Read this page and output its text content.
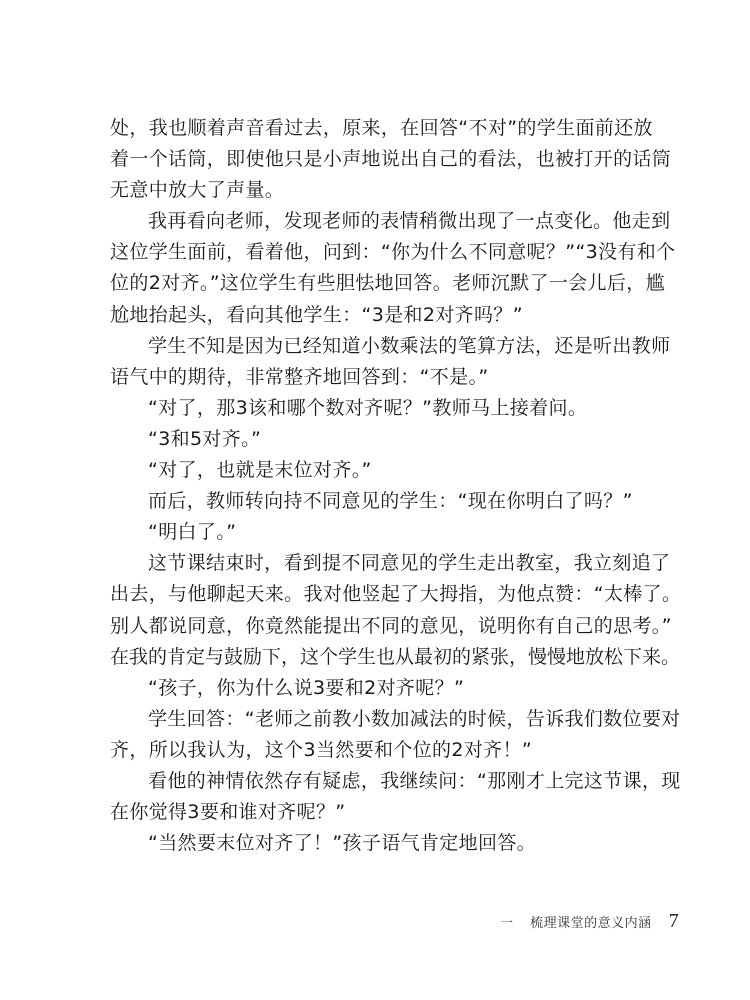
处，我也顺着声音看过去，原来，在回答“不对”的学生面前还放
着一个话筒，即使他只是小声地说出自己的看法，也被打开的话筒
无意中放大了声量。
我再看向老师，发现老师的表情稍微出现了一点变化。他走到
这位学生面前，看着他，问到：“你为什么不同意呢？”“3没有和个
位的2对齐。”这位学生有些胆怯地回答。老师沉默了一会儿后，尴
尬地抬起头，看向其他学生：“3是和2对齐吗？”
学生不知是因为已经知道小数乘法的笔算方法，还是听出教师
语气中的期待，非常整齐地回答到：“不是。”
“对了，那3该和哪个数对齐呢？”教师马上接着问。
“3和5对齐。”
“对了，也就是末位对齐。”
而后，教师转向持不同意见的学生：“现在你明白了吗？”
“明白了。”
这节课结束时，看到提不同意见的学生走出教室，我立刻追了
出去，与他聊起天来。我对他竖起了大拇指，为他点赞：“太棒了。
别人都说同意，你竟然能提出不同的意见，说明你有自己的思考。”
在我的肯定与鼓励下，这个学生也从最初的紧张，慢慢地放松下来。
“孩子，你为什么说3要和2对齐呢？”
学生回答：“老师之前教小数加减法的时候，告诉我们数位要对
齐，所以我认为，这个3当然要和个位的2对齐！”
看他的神情依然存有疑虑，我继续问：“那刚才上完这节课，现
在你觉得3要和谁对齐呢？”
“当然要末位对齐了！”孩子语气肯定地回答。
一 梳理课堂的意义内涵 7
